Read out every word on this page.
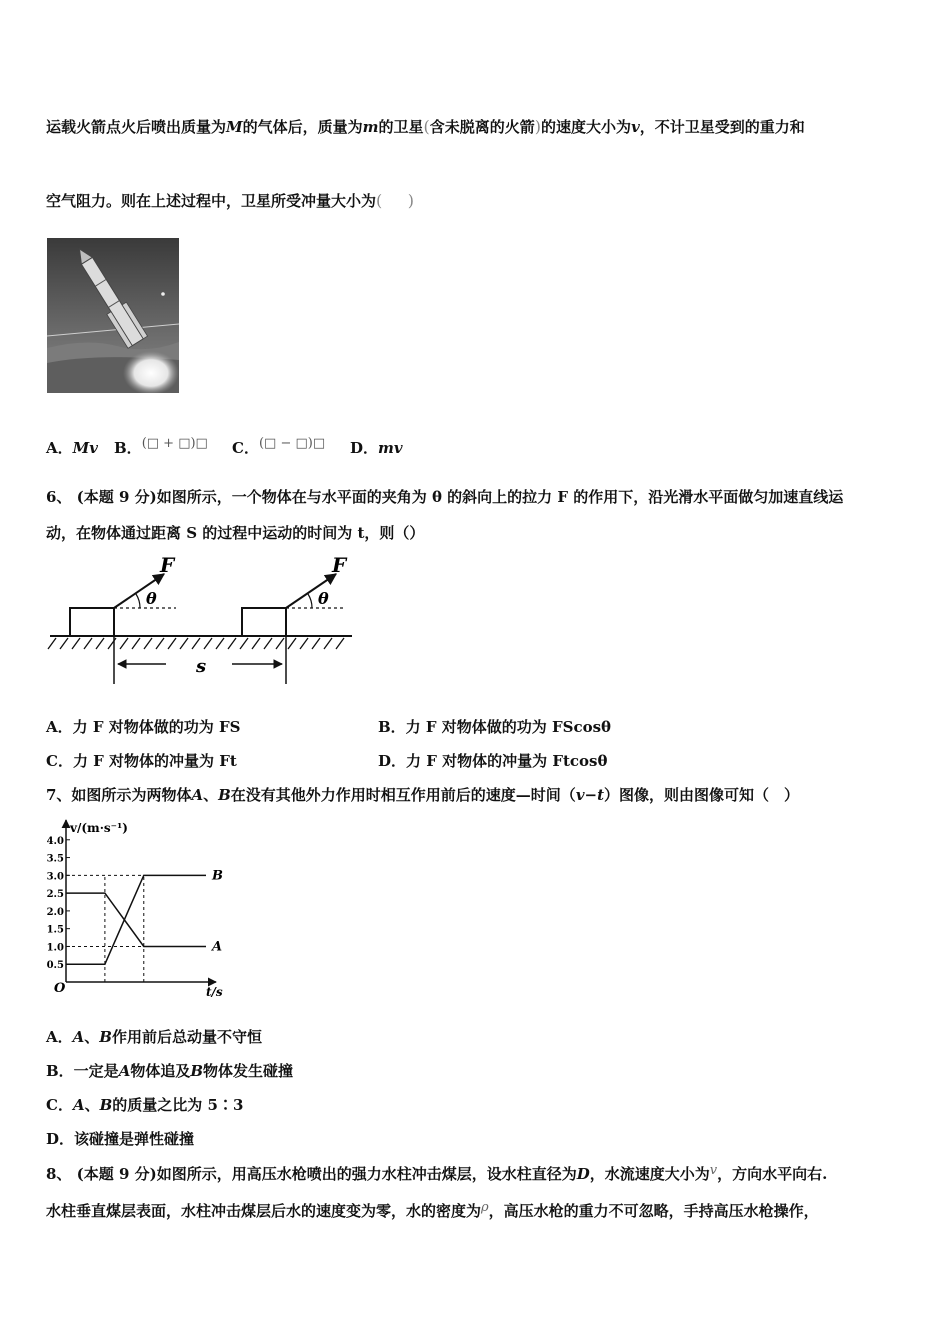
运载火箭点火后喷出质量为M的气体后，质量为m的卫星(含未脱离的火箭)的速度大小为v，不计卫星受到的重力和
空气阻力。则在上述过程中，卫星所受冲量大小为( )
A．Mv B．(□ + □)□ C．(□ − □)□ D．mv
6、 (本题 9 分)如图所示，一个物体在与水平面的夹角为 θ 的斜向上的拉力 F 的作用下，沿光滑水平面做匀加速直线运
动，在物体通过距离 S 的过程中运动的时间为 t，则（）
F
θ
F
θ
s
A．力 F 对物体做的功为 FS	B．力 F 对物体做的功为 FScosθ
C．力 F 对物体的冲量为 Ft	D．力 F 对物体的冲量为 Ftcosθ
7、如图所示为两物体A、B在没有其他外力作用时相互作用前后的速度—时间（v−t）图像，则由图像可知（　）
v/(m·s⁻¹)
t/s
O
0.5
1.0
1.5
2.0
2.5
3.0
3.5
4.0
A
B
A．A、B作用前后总动量不守恒
B．一定是A物体追及B物体发生碰撞
C．A、B的质量之比为 5∶3
D．该碰撞是弹性碰撞
8、 (本题 9 分)如图所示，用高压水枪喷出的强力水柱冲击煤层，设水柱直径为D，水流速度大小为v，方向水平向右.
水柱垂直煤层表面，水柱冲击煤层后水的速度变为零，水的密度为ρ，高压水枪的重力不可忽略，手持高压水枪操作，
